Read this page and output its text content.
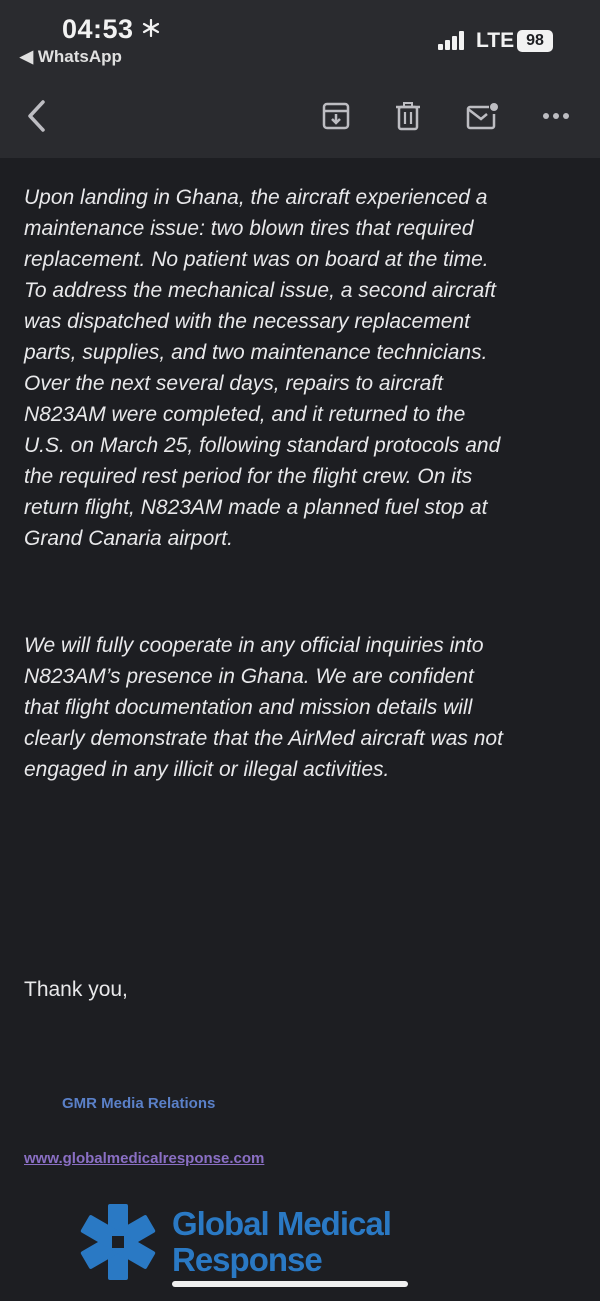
04:53
◀ WhatsApp
LTE 98
Upon landing in Ghana, the aircraft experienced a
maintenance issue: two blown tires that required
replacement. No patient was on board at the time.
To address the mechanical issue, a second aircraft
was dispatched with the necessary replacement
parts, supplies, and two maintenance technicians.
Over the next several days, repairs to aircraft
N823AM were completed, and it returned to the
U.S. on March 25, following standard protocols and
the required rest period for the flight crew. On its
return flight, N823AM made a planned fuel stop at
Grand Canaria airport.
We will fully cooperate in any official inquiries into
N823AM’s presence in Ghana. We are confident
that flight documentation and mission details will
clearly demonstrate that the AirMed aircraft was not
engaged in any illicit or illegal activities.
Thank you,
GMR Media Relations
www.globalmedicalresponse.com
Global Medical
Response
